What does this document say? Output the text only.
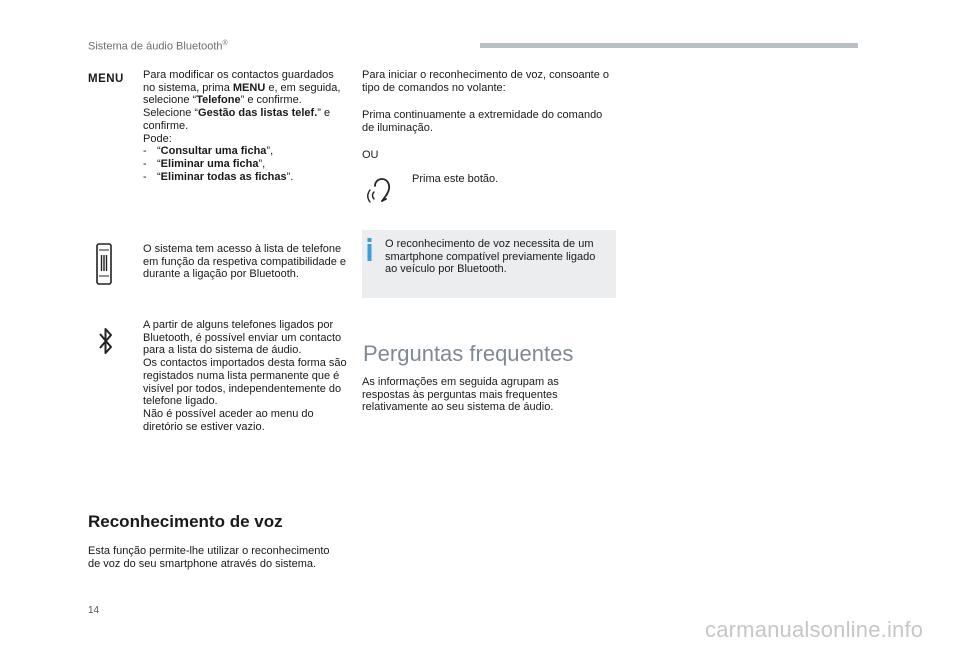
Sistema de áudio Bluetooth®
MENU Para modificar os contactos guardados no sistema, prima MENU e, em seguida, selecione “Telefone” e confirme.
Selecione “Gestão das listas telef.” e confirme.
Pode:
- “Consultar uma ficha”,
- “Eliminar uma ficha”,
- “Eliminar todas as fichas”.
O sistema tem acesso à lista de telefone em função da respetiva compatibilidade e durante a ligação por Bluetooth.
A partir de alguns telefones ligados por Bluetooth, é possível enviar um contacto para a lista do sistema de áudio.
Os contactos importados desta forma são registados numa lista permanente que é visível por todos, independentemente do telefone ligado.
Não é possível aceder ao menu do diretório se estiver vazio.
Reconhecimento de voz
Esta função permite-lhe utilizar o reconhecimento de voz do seu smartphone através do sistema.
Para iniciar o reconhecimento de voz, consoante o tipo de comandos no volante:
Prima continuamente a extremidade do comando de iluminação.
OU
Prima este botão.
O reconhecimento de voz necessita de um smartphone compatível previamente ligado ao veículo por Bluetooth.
Perguntas frequentes
As informações em seguida agrupam as respostas às perguntas mais frequentes relativamente ao seu sistema de áudio.
14
carmanualsonline.info
